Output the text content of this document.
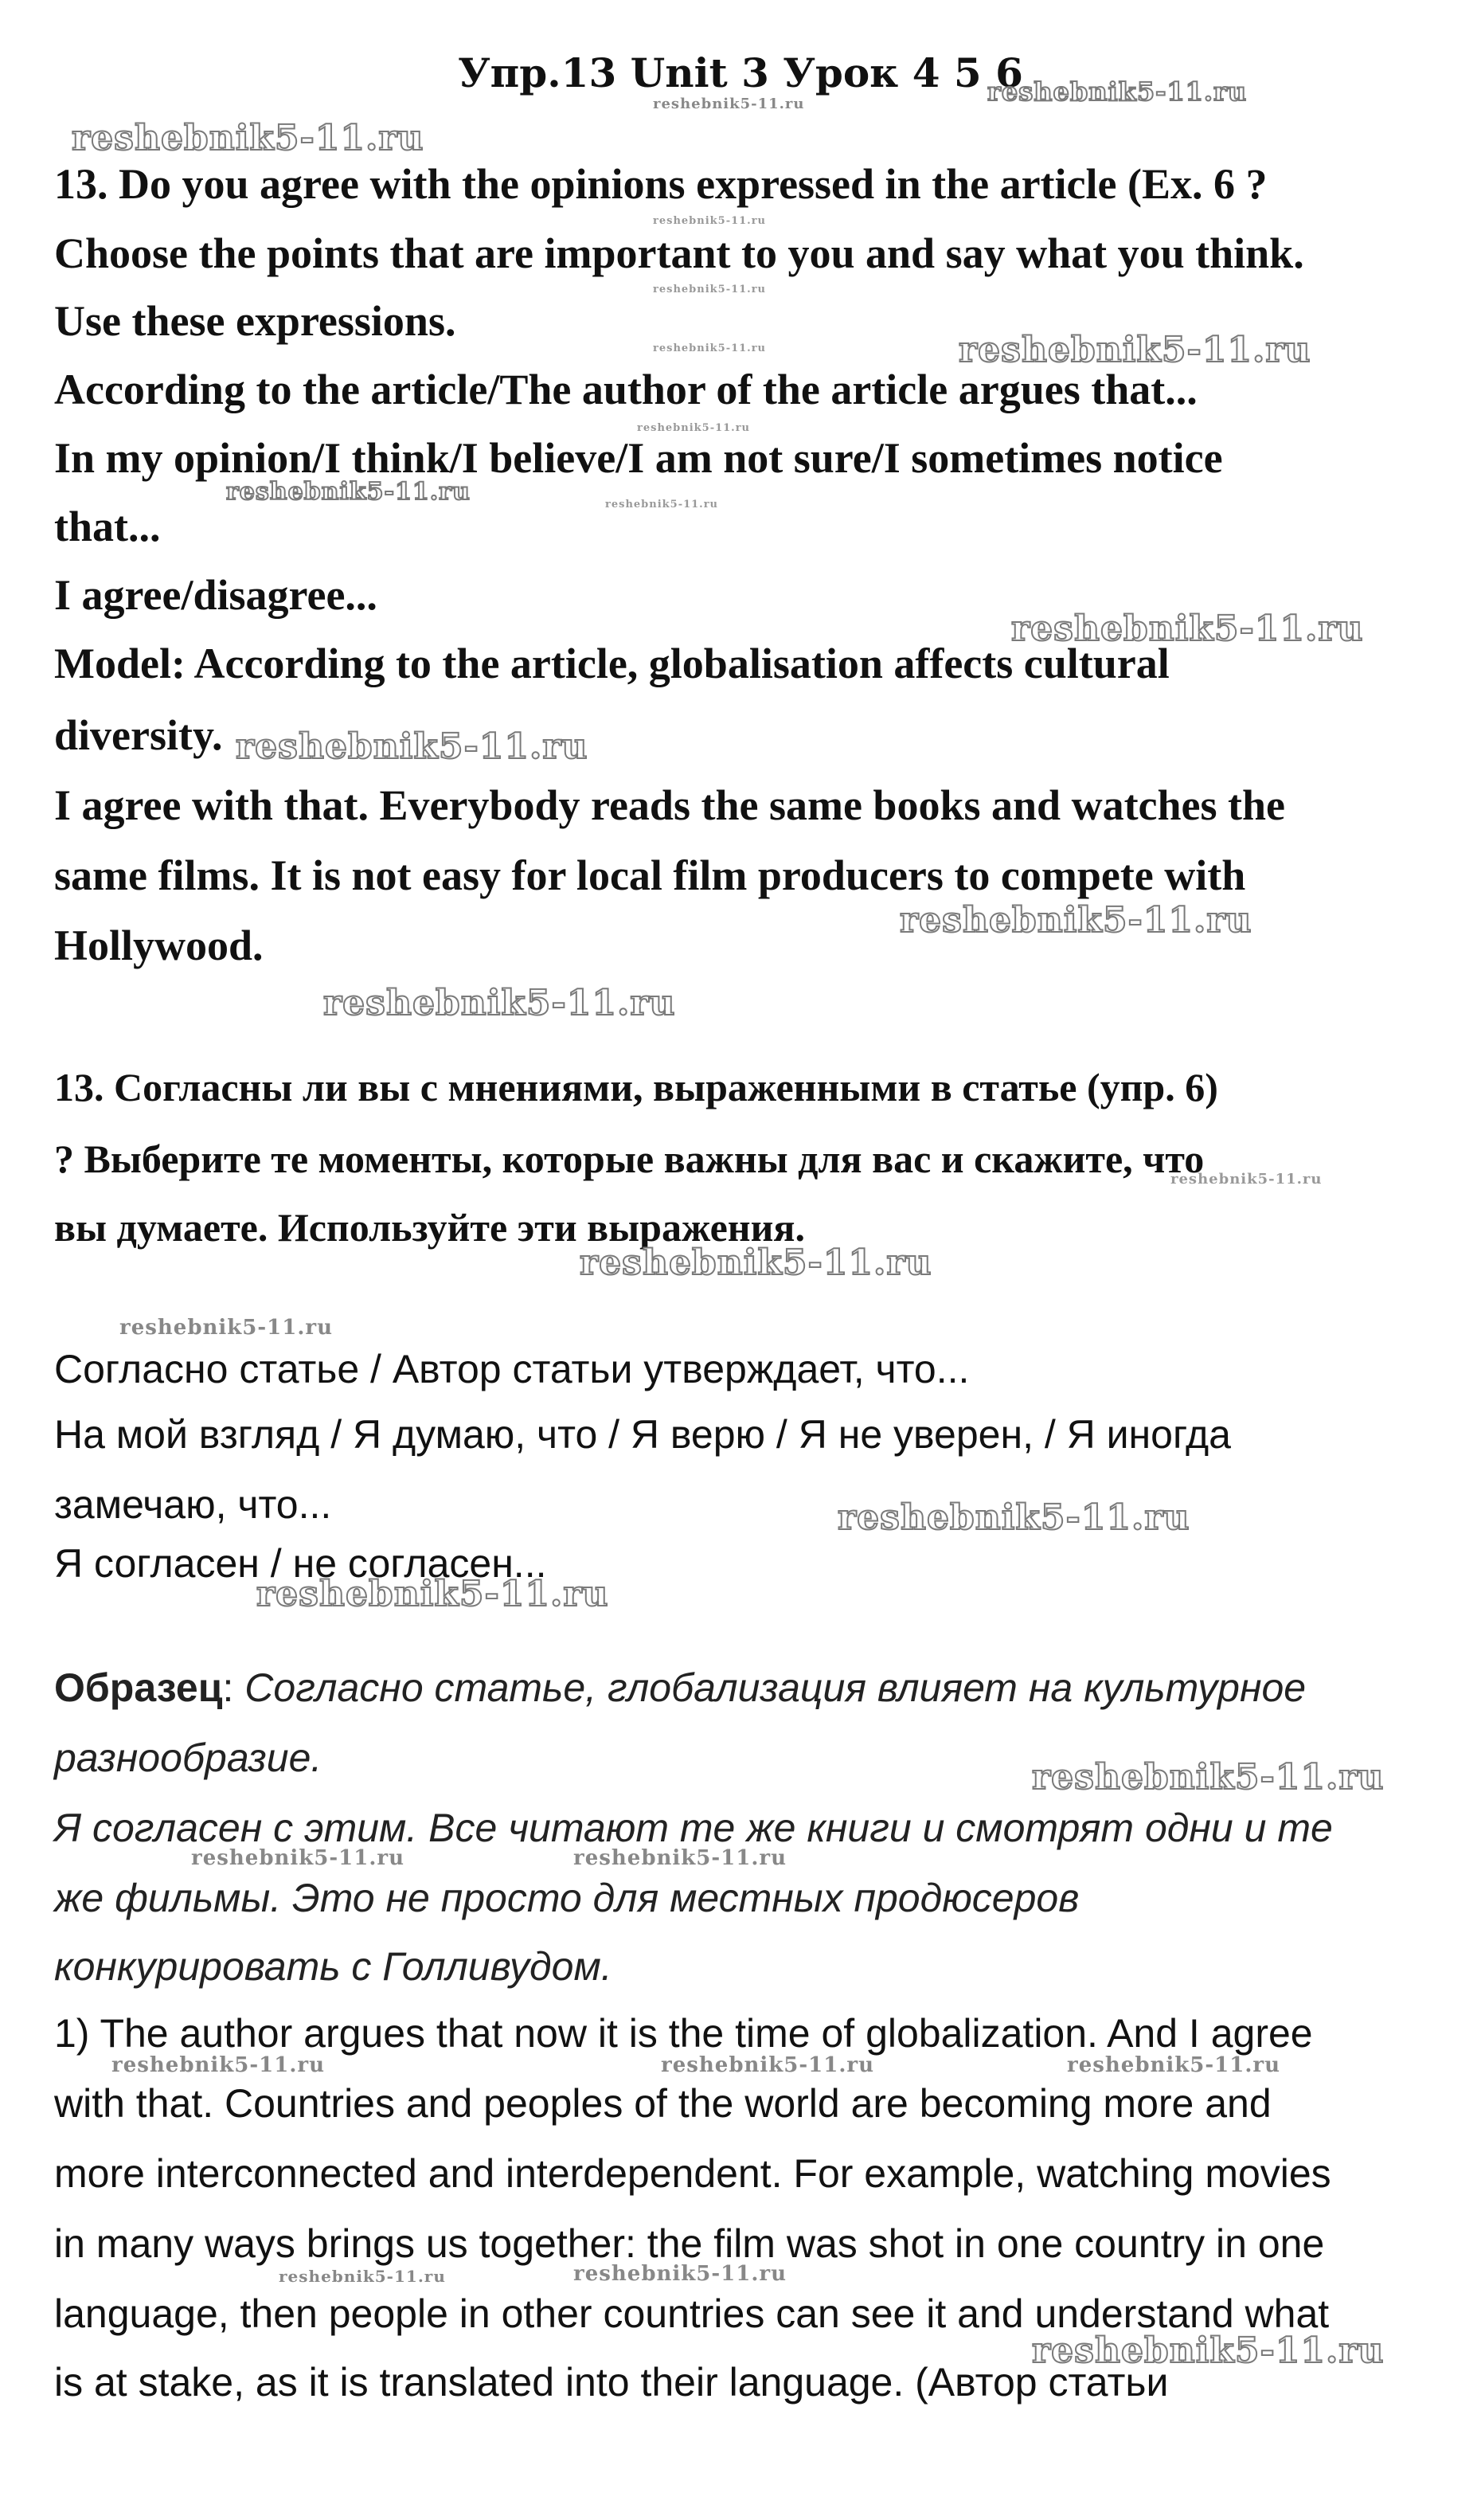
Упр.13 Unit 3 Урок 4 5 6
13. Do you agree with the opinions expressed in the article (Ex. 6 ?
Choose the points that are important to you and say what you think.
Use these expressions.
According to the article/The author of the article argues that...
In my opinion/I think/I believe/I am not sure/I sometimes notice
that...
I agree/disagree...
Model: According to the article, globalisation affects cultural
diversity.
I agree with that. Everybody reads the same books and watches the
same films. It is not easy for local film producers to compete with
Hollywood.
13. Согласны ли вы с мнениями, выраженными в статье (упр. 6)
? Выберите те моменты, которые важны для вас и скажите, что
вы думаете. Используйте эти выражения.
Согласно статье / Автор статьи утверждает, что...
На мой взгляд / Я думаю, что / Я верю / Я не уверен, / Я иногда
замечаю, что...
Я согласен / не согласен...
Образец: Согласно статье, глобализация влияет на культурное
разнообразие.
Я согласен с этим. Все читают те же книги и смотрят одни и те
же фильмы. Это не просто для местных продюсеров
конкурировать с Голливудом.
1) The author argues that now it is the time of globalization. And I agree
with that. Countries and peoples of the world are becoming more and
more interconnected and interdependent. For example, watching movies
in many ways brings us together: the film was shot in one country in one
language, then people in other countries can see it and understand what
is at stake, as it is translated into their language. (Автор статьи
reshebnik5-11.ru
reshebnik5-11.ru
reshebnik5-11.ru
reshebnik5-11.ru
reshebnik5-11.ru
reshebnik5-11.ru	reshebnik5-11.ru
reshebnik5-11.ru
reshebnik5-11.ru	reshebnik5-11.ru
reshebnik5-11.ru
reshebnik5-11.ru
reshebnik5-11.ru
reshebnik5-11.ru
reshebnik5-11.ru
reshebnik5-11.ru
reshebnik5-11.ru
reshebnik5-11.ru
reshebnik5-11.ru
reshebnik5-11.ru
reshebnik5-11.ru	reshebnik5-11.ru
reshebnik5-11.ru	reshebnik5-11.ru	reshebnik5-11.ru
reshebnik5-11.ru	reshebnik5-11.ru
reshebnik5-11.ru
